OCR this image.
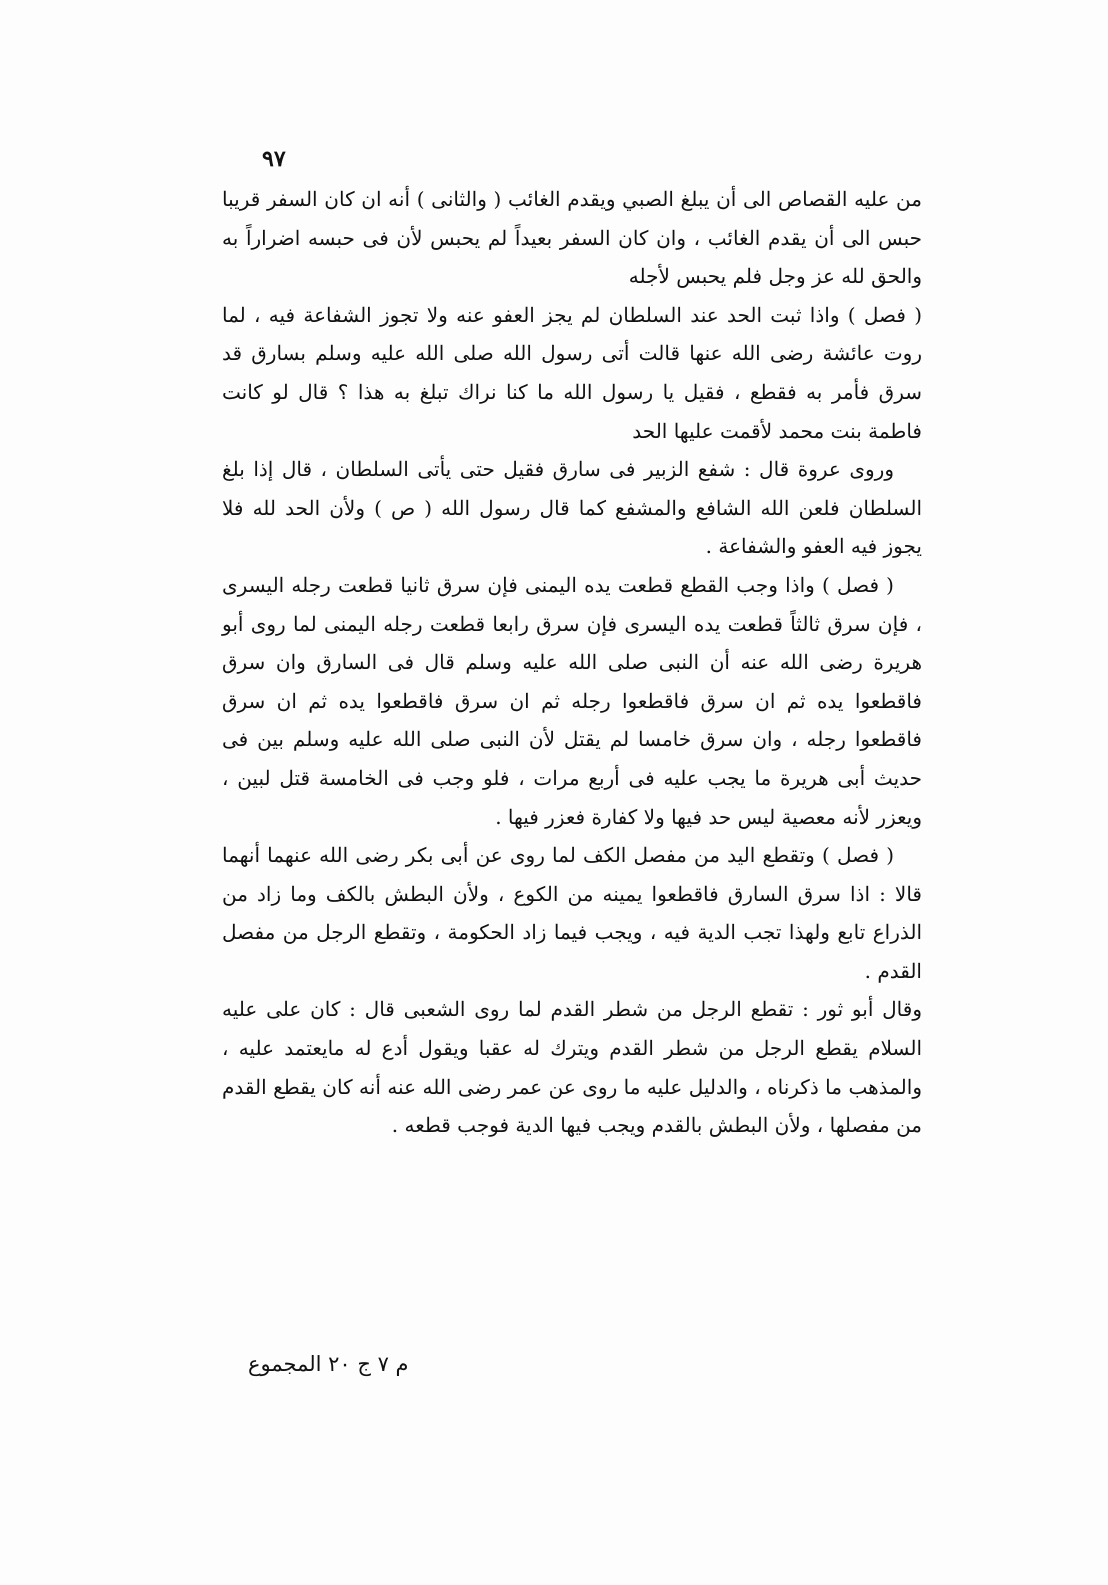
٩٧

من عليه القصاص الى أن يبلغ الصبي ويقدم الغائب ( والثانى ) أنه ان كان السفر قريبا حبس الى أن يقدم الغائب ، وان كان السفر بعيداً لم يحبس لأن فى حبسه اضراراً به والحق لله عز وجل فلم يحبس لأجله

( فصل ) واذا ثبت الحد عند السلطان لم يجز العفو عنه ولا تجوز الشفاعة فيه ، لما روت عائشة رضى الله عنها قالت أتى رسول الله صلى الله عليه وسلم بسارق قد سرق فأمر به فقطع ، فقيل يا رسول الله ما كنا نراك تبلغ به هذا ؟ قال لو كانت فاطمة بنت محمد لأقمت عليها الحد

وروى عروة قال : شفع الزبير فى سارق فقيل حتى يأتى السلطان ، قال إذا بلغ السلطان فلعن الله الشافع والمشفع كما قال رسول الله ( ص ) ولأن الحد لله فلا يجوز فيه العفو والشفاعة .

( فصل ) واذا وجب القطع قطعت يده اليمنى فإن سرق ثانيا قطعت رجله اليسرى ، فإن سرق ثالثاً قطعت يده اليسرى فإن سرق رابعا قطعت رجله اليمنى لما روى أبو هريرة رضى الله عنه أن النبى صلى الله عليه وسلم قال فى السارق وان سرق فاقطعوا يده ثم ان سرق فاقطعوا رجله ثم ان سرق فاقطعوا يده ثم ان سرق فاقطعوا رجله ، وان سرق خامسا لم يقتل لأن النبى صلى الله عليه وسلم بين فى حديث أبى هريرة ما يجب عليه فى أربع مرات ، فلو وجب فى الخامسة قتل لبين ، ويعزر لأنه معصية ليس حد فيها ولا كفارة فعزر فيها .

( فصل ) وتقطع اليد من مفصل الكف لما روى عن أبى بكر رضى الله عنهما أنهما قالا : اذا سرق السارق فاقطعوا يمينه من الكوع ، ولأن البطش بالكف وما زاد من الذراع تابع ولهذا تجب الدية فيه ، ويجب فيما زاد الحكومة ، وتقطع الرجل من مفصل القدم .

وقال أبو ثور : تقطع الرجل من شطر القدم لما روى الشعبى قال : كان على عليه السلام يقطع الرجل من شطر القدم ويترك له عقبا ويقول أدع له مايعتمد عليه ، والمذهب ما ذكرناه ، والدليل عليه ما روى عن عمر رضى الله عنه أنه كان يقطع القدم من مفصلها ، ولأن البطش بالقدم ويجب فيها الدية فوجب قطعه .

م ٧ ج ٢٠ المجموع
